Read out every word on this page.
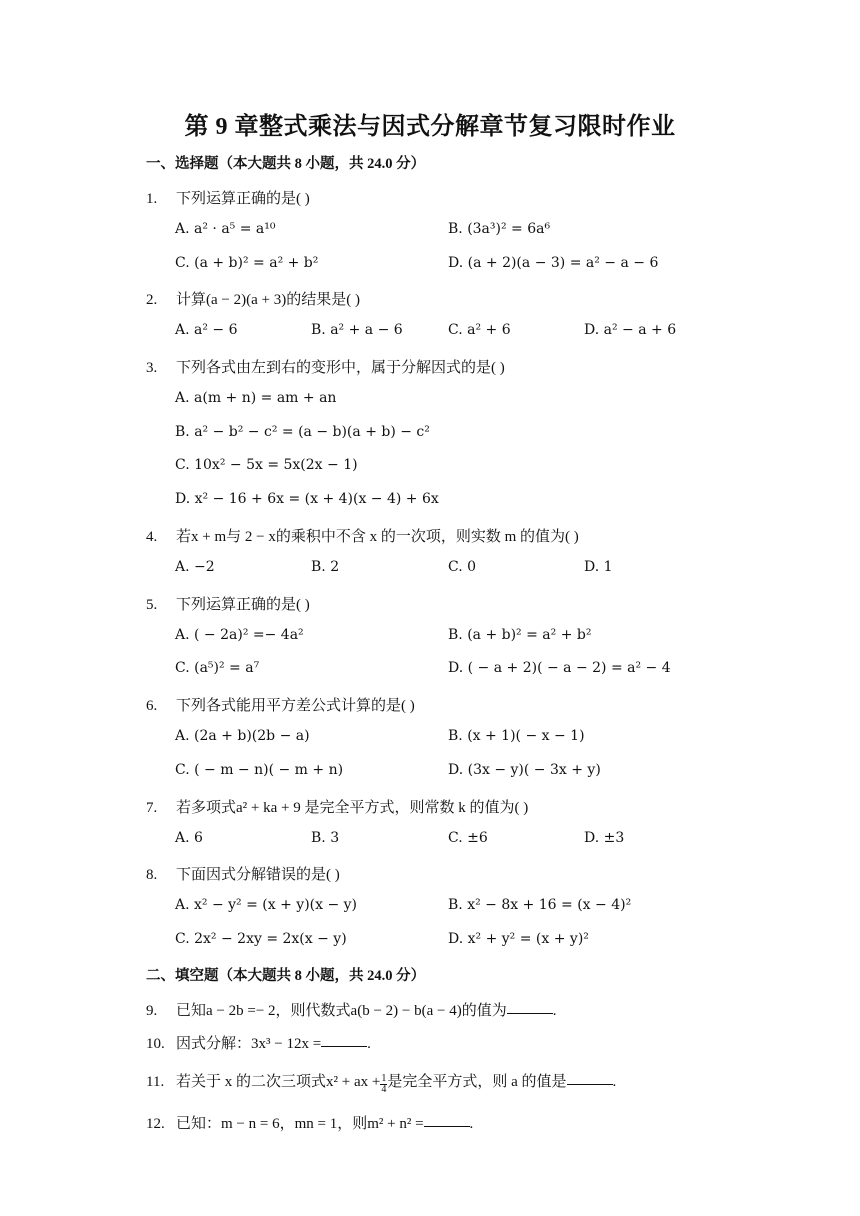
第 9 章整式乘法与因式分解章节复习限时作业
一、选择题（本大题共 8 小题，共 24.0 分）
1. 下列运算正确的是( )
A. a² · a⁵ = a¹⁰	B. (3a³)² = 6a⁶
C. (a + b)² = a² + b²	D. (a + 2)(a − 3) = a² − a − 6
2. 计算(a − 2)(a + 3)的结果是( )
A. a² − 6	B. a² + a − 6	C. a² + 6	D. a² − a + 6
3. 下列各式由左到右的变形中，属于分解因式的是( )
A. a(m + n) = am + an
B. a² − b² − c² = (a − b)(a + b) − c²
C. 10x² − 5x = 5x(2x − 1)
D. x² − 16 + 6x = (x + 4)(x − 4) + 6x
4. 若x + m与 2 − x的乘积中不含 x 的一次项，则实数 m 的值为( )
A. −2	B. 2	C. 0	D. 1
5. 下列运算正确的是( )
A. ( − 2a)² =− 4a²	B. (a + b)² = a² + b²
C. (a⁵)² = a⁷	D. ( − a + 2)( − a − 2) = a² − 4
6. 下列各式能用平方差公式计算的是( )
A. (2a + b)(2b − a)	B. (x + 1)( − x − 1)
C. ( − m − n)( − m + n)	D. (3x − y)( − 3x + y)
7. 若多项式a² + ka + 9 是完全平方式，则常数 k 的值为( )
A. 6	B. 3	C. ±6	D. ±3
8. 下面因式分解错误的是( )
A. x² − y² = (x + y)(x − y)	B. x² − 8x + 16 = (x − 4)²
C. 2x² − 2xy = 2x(x − y)	D. x² + y² = (x + y)²
二、填空题（本大题共 8 小题，共 24.0 分）
9. 已知a − 2b =− 2，则代数式a(b − 2) − b(a − 4)的值为	.
10. 因式分解：3x³ − 12x =	.
11. 若关于 x 的二次三项式x² + ax + $\frac{1}{4}$ 是完全平方式，则 a 的值是	.
12. 已知：m − n = 6，mn = 1，则m² + n² =	.
